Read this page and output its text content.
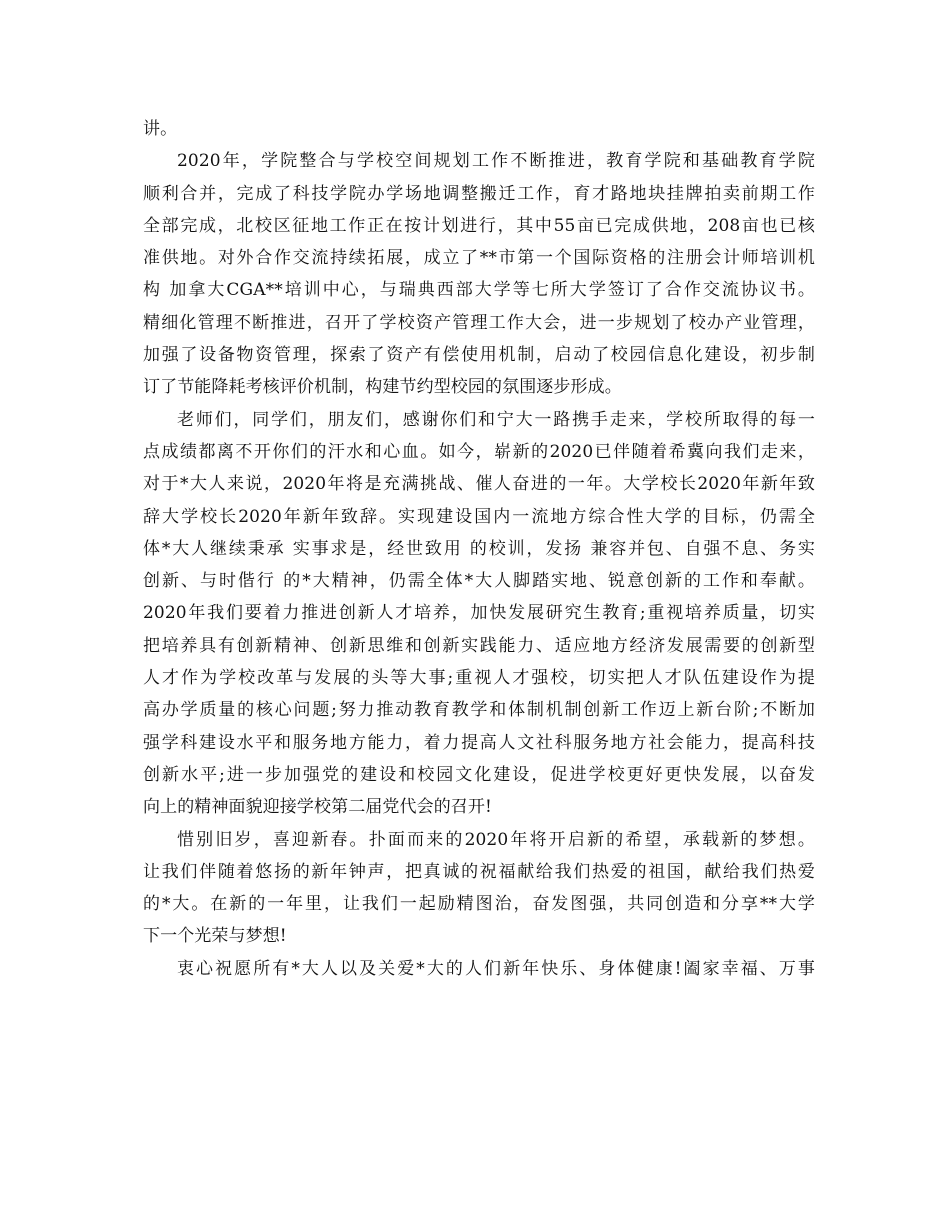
讲。
2020年，学院整合与学校空间规划工作不断推进，教育学院和基础教育学院
顺利合并，完成了科技学院办学场地调整搬迁工作，育才路地块挂牌拍卖前期工作
全部完成，北校区征地工作正在按计划进行，其中55亩已完成供地，208亩也已核
准供地。对外合作交流持续拓展，成立了**市第一个国际资格的注册会计师培训机
构 加拿大CGA**培训中心，与瑞典西部大学等七所大学签订了合作交流协议书。
精细化管理不断推进，召开了学校资产管理工作大会，进一步规划了校办产业管理，
加强了设备物资管理，探索了资产有偿使用机制，启动了校园信息化建设，初步制
订了节能降耗考核评价机制，构建节约型校园的氛围逐步形成。
老师们，同学们，朋友们，感谢你们和宁大一路携手走来，学校所取得的每一
点成绩都离不开你们的汗水和心血。如今，崭新的2020已伴随着希冀向我们走来，
对于*大人来说，2020年将是充满挑战、催人奋进的一年。大学校长2020年新年致
辞大学校长2020年新年致辞。实现建设国内一流地方综合性大学的目标，仍需全
体*大人继续秉承 实事求是，经世致用 的校训，发扬 兼容并包、自强不息、务实
创新、与时偕行 的*大精神，仍需全体*大人脚踏实地、锐意创新的工作和奉献。
2020年我们要着力推进创新人才培养，加快发展研究生教育;重视培养质量，切实
把培养具有创新精神、创新思维和创新实践能力、适应地方经济发展需要的创新型
人才作为学校改革与发展的头等大事;重视人才强校，切实把人才队伍建设作为提
高办学质量的核心问题;努力推动教育教学和体制机制创新工作迈上新台阶;不断加
强学科建设水平和服务地方能力，着力提高人文社科服务地方社会能力，提高科技
创新水平;进一步加强党的建设和校园文化建设，促进学校更好更快发展，以奋发
向上的精神面貌迎接学校第二届党代会的召开!
惜别旧岁，喜迎新春。扑面而来的2020年将开启新的希望，承载新的梦想。
让我们伴随着悠扬的新年钟声，把真诚的祝福献给我们热爱的祖国，献给我们热爱
的*大。在新的一年里，让我们一起励精图治，奋发图强，共同创造和分享**大学
下一个光荣与梦想!
衷心祝愿所有*大人以及关爱*大的人们新年快乐、身体健康!阖家幸福、万事
